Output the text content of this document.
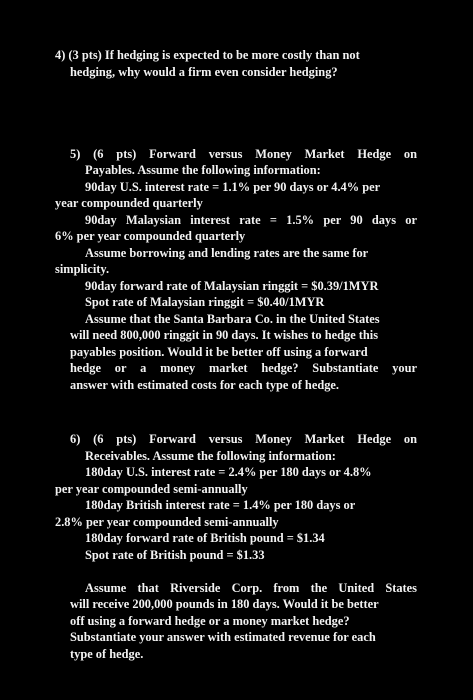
4) (3 pts) If hedging is expected to be more costly than not
hedging, why would a firm even consider hedging?
5) (6 pts) Forward versus Money Market Hedge on
Payables. Assume the following information:
90day U.S. interest rate = 1.1% per 90 days or 4.4% per
year compounded quarterly
90day Malaysian interest rate = 1.5% per 90 days or
6% per year compounded quarterly
Assume borrowing and lending rates are the same for
simplicity.
90day forward rate of Malaysian ringgit = $0.39/1MYR
Spot rate of Malaysian ringgit = $0.40/1MYR
Assume that the Santa Barbara Co. in the United States
will need 800,000 ringgit in 90 days. It wishes to hedge this
payables position. Would it be better off using a forward
hedge or a money market hedge? Substantiate your
answer with estimated costs for each type of hedge.
6) (6 pts) Forward versus Money Market Hedge on
Receivables. Assume the following information:
180day U.S. interest rate = 2.4% per 180 days or 4.8%
per year compounded semi-annually
180day British interest rate = 1.4% per 180 days or
2.8% per year compounded semi-annually
180day forward rate of British pound = $1.34
Spot rate of British pound = $1.33
Assume that Riverside Corp. from the United States
will receive 200,000 pounds in 180 days. Would it be better
off using a forward hedge or a money market hedge?
Substantiate your answer with estimated revenue for each
type of hedge.
